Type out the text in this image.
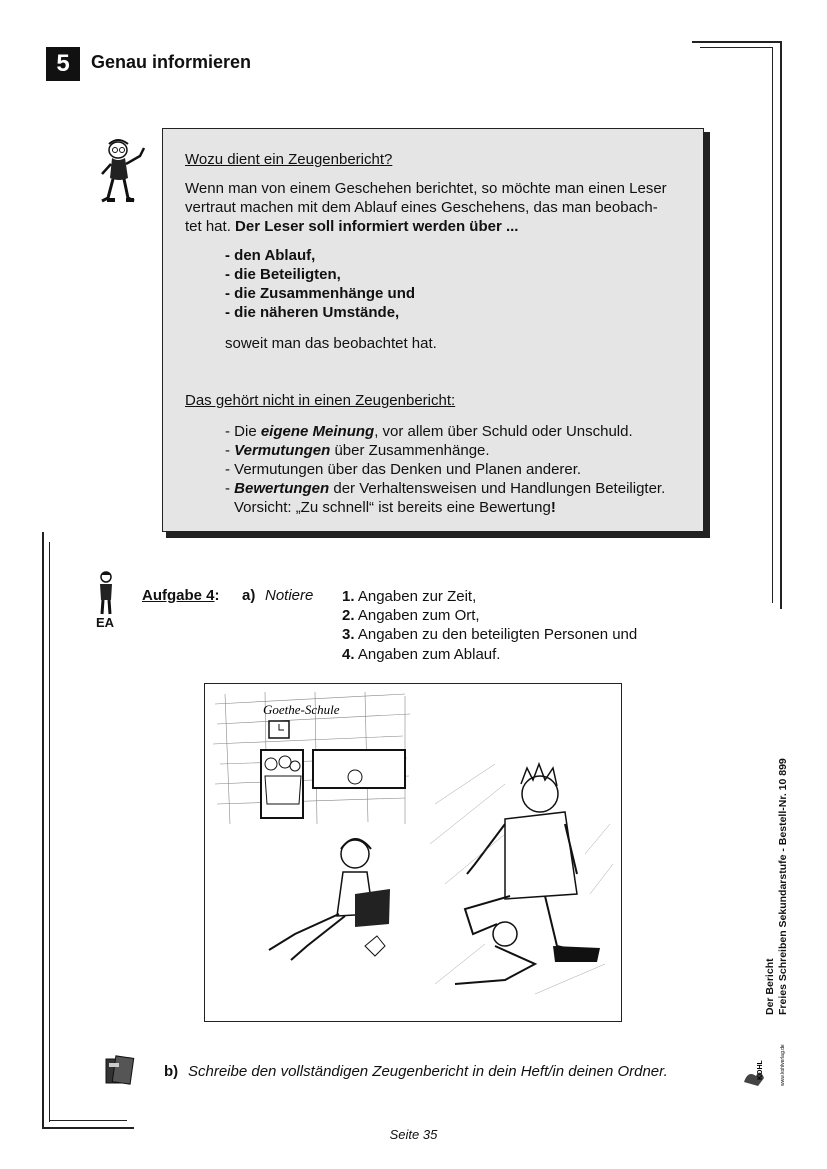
5	Genau informieren
Wozu dient ein Zeugenbericht?
Wenn man von einem Geschehen berichtet, so möchte man einen Leser
vertraut machen mit dem Ablauf eines Geschehens, das man beobach-
tet hat. Der Leser soll informiert werden über ...
- den Ablauf,
- die Beteiligten,
- die Zusammenhänge und
- die näheren Umstände,
soweit man das beobachtet hat.
Das gehört nicht in einen Zeugenbericht:
- Die eigene Meinung, vor allem über Schuld oder Unschuld.
- Vermutungen über Zusammenhänge.
- Vermutungen über das Denken und Planen anderer.
- Bewertungen der Verhaltensweisen und Handlungen Beteiligter.
Vorsicht: „Zu schnell“ ist bereits eine Bewertung!
EA
Aufgabe 4: a) Notiere 1. Angaben zur Zeit,
2. Angaben zum Ort,
3. Angaben zu den beteiligten Personen und
4. Angaben zum Ablauf.
Goethe-Schule
b) Schreibe den vollständigen Zeugenbericht in dein Heft/in deinen Ordner.
Der Bericht Freies Schreiben Sekundarstufe - Bestell-Nr. 10 899
KOHL	www.kohlverlag.de
Seite 35
